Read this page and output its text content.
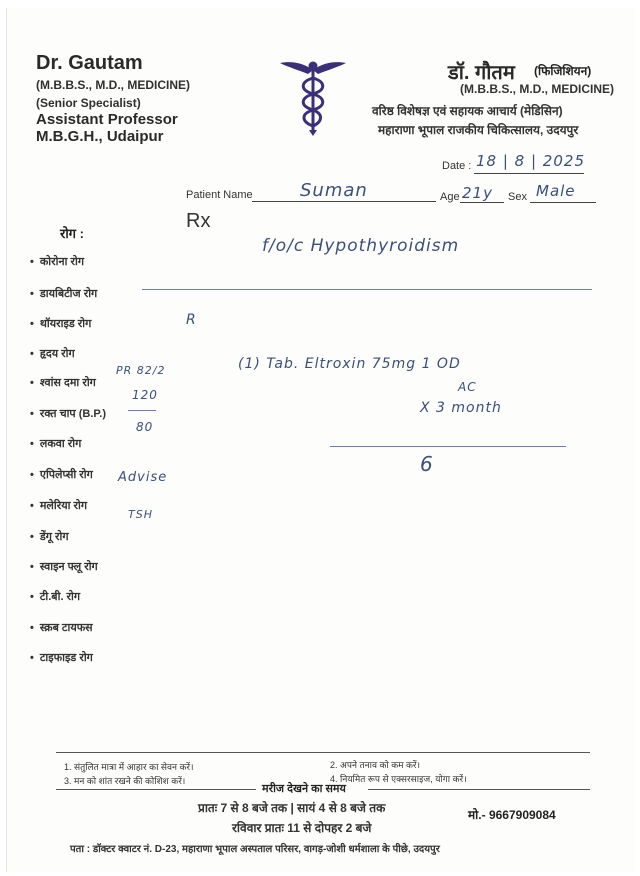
Dr. Gautam
(M.B.B.S., M.D., MEDICINE)
(Senior Specialist)
Assistant Professor
M.B.G.H., Udaipur
डॉ. गौतम (फिजिशियन)
(M.B.B.S., M.D., MEDICINE)
वरिष्ठ विशेषज्ञ एवं सहायक आचार्य (मेडिसिन)
महाराणा भूपाल राजकीय चिकित्सालय, उदयपुर
Date : 18 | 8 | 2025
Patient Name	Suman	Age 21y Sex Male
Rx
रोग :
• कोरोना रोग
• डायबिटीज रोग
• थॉयराइड रोग
• हृदय रोग
• श्वांस दमा रोग
• रक्त चाप (B.P.)
• लकवा रोग
• एपिलेप्सी रोग
• मलेरिया रोग
• डेंगू रोग
• स्वाइन फ्लू रोग
• टी.बी. रोग
• स्क्रब टायफस
• टाइफाइड रोग
f/o/c Hypothyroidism
R
PR 82/2
120
80
(1) Tab. Eltroxin 75mg 1 OD
AC
X 3 month
6
Advise
TSH
1. संतुलित मात्रा में आहार का सेवन करें।	2. अपने तनाव को कम करें।
3. मन को शांत रखने की कोशिश करें।	4. नियमित रूप से एक्सरसाइज, योगा करें।
मरीज देखने का समय
प्रातः 7 से 8 बजे तक | सायं 4 से 8 बजे तक
रविवार प्रातः 11 से दोपहर 2 बजे
मो.- 9667909084
पता : डॉक्टर क्वाटर नं. D-23, महाराणा भूपाल अस्पताल परिसर, वागड़-जोशी धर्मशाला के पीछे, उदयपुर
